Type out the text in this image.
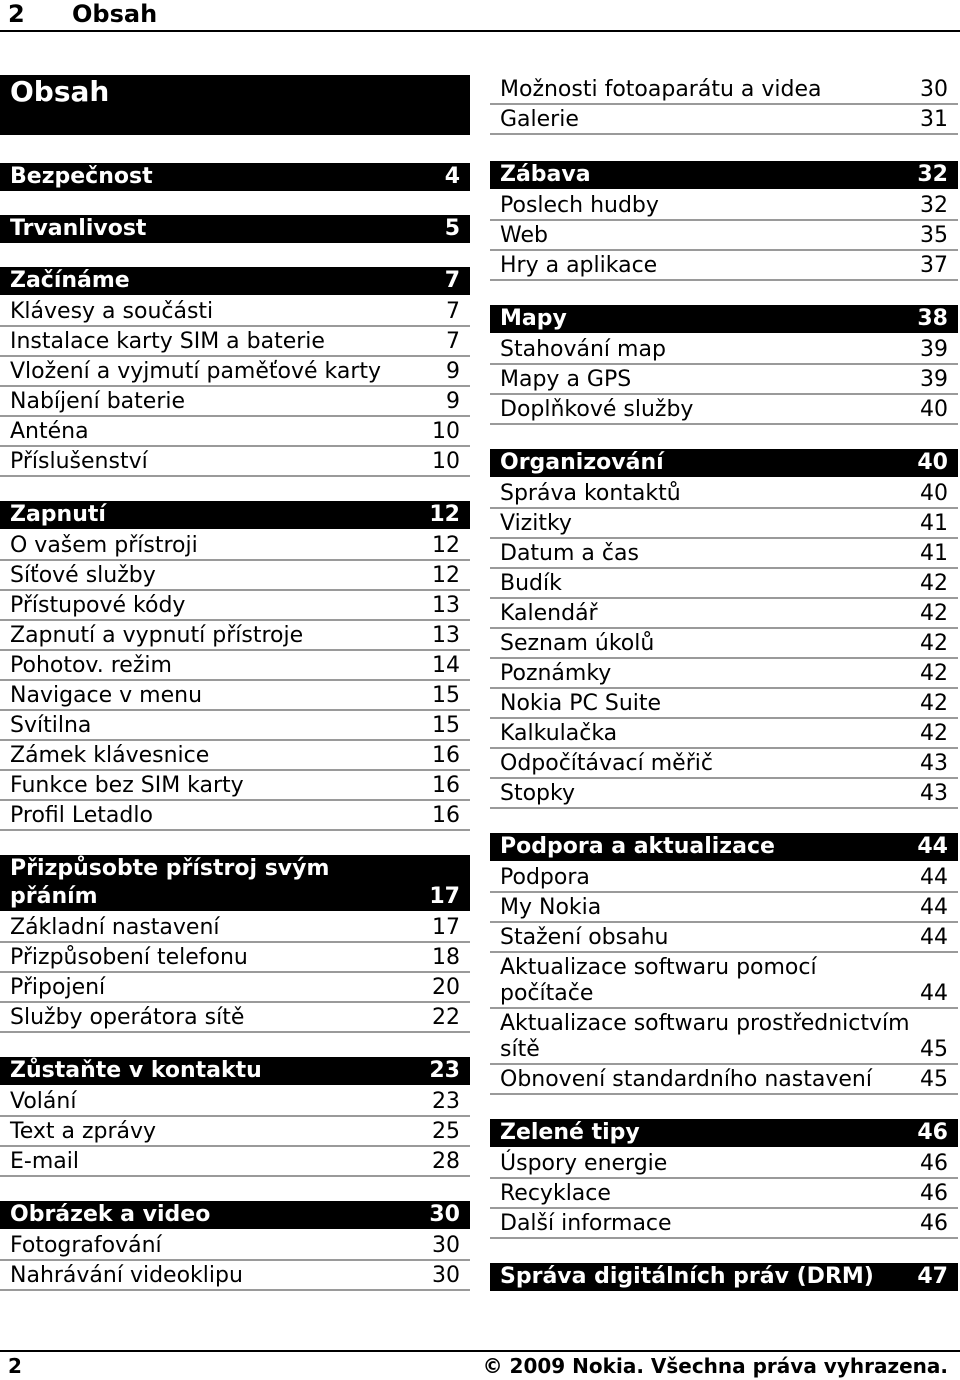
2 Obsah
Obsah
Bezpečnost	4
Trvanlivost	5
Začínáme	7
Klávesy a součásti	7
Instalace karty SIM a baterie	7
Vložení a vyjmutí paměťové karty	9
Nabíjení baterie	9
Anténa	10
Příslušenství	10
Zapnutí	12
O vašem přístroji	12
Síťové služby	12
Přístupové kódy	13
Zapnutí a vypnutí přístroje	13
Pohotov. režim	14
Navigace v menu	15
Svítilna	15
Zámek klávesnice	16
Funkce bez SIM karty	16
Profil Letadlo	16
Přizpůsobte přístroj svým přáním	17
Základní nastavení	17
Přizpůsobení telefonu	18
Připojení	20
Služby operátora sítě	22
Zůstaňte v kontaktu	23
Volání	23
Text a zprávy	25
E-mail	28
Obrázek a video	30
Fotografování	30
Nahrávání videoklipu	30
Možnosti fotoaparátu a videa	30
Galerie	31
Zábava	32
Poslech hudby	32
Web	35
Hry a aplikace	37
Mapy	38
Stahování map	39
Mapy a GPS	39
Doplňkové služby	40
Organizování	40
Správa kontaktů	40
Vizitky	41
Datum a čas	41
Budík	42
Kalendář	42
Seznam úkolů	42
Poznámky	42
Nokia PC Suite	42
Kalkulačka	42
Odpočítávací měřič	43
Stopky	43
Podpora a aktualizace	44
Podpora	44
My Nokia	44
Stažení obsahu	44
Aktualizace softwaru pomocí počítače	44
Aktualizace softwaru prostřednictvím sítě	45
Obnovení standardního nastavení	45
Zelené tipy	46
Úspory energie	46
Recyklace	46
Další informace	46
Správa digitálních práv (DRM)	47
2	© 2009 Nokia. Všechna práva vyhrazena.
